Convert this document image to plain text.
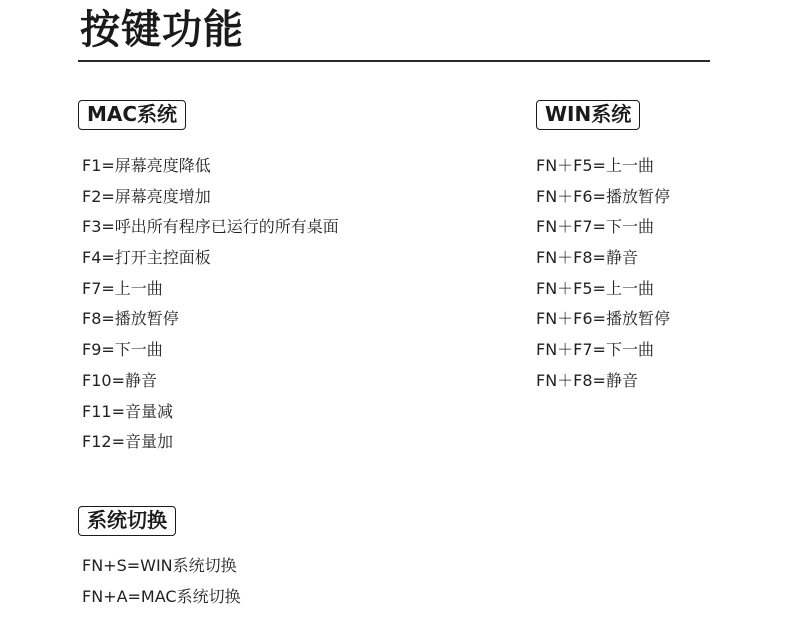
按键功能
MAC系统
F1=屏幕亮度降低
F2=屏幕亮度增加
F3=呼出所有程序已运行的所有桌面
F4=打开主控面板
F7=上一曲
F8=播放暂停
F9=下一曲
F10=静音
F11=音量减
F12=音量加
WIN系统
FN＋F5=上一曲
FN＋F6=播放暂停
FN＋F7=下一曲
FN＋F8=静音
FN＋F5=上一曲
FN＋F6=播放暂停
FN＋F7=下一曲
FN＋F8=静音
系统切换
FN+S=WIN系统切换
FN+A=MAC系统切换
